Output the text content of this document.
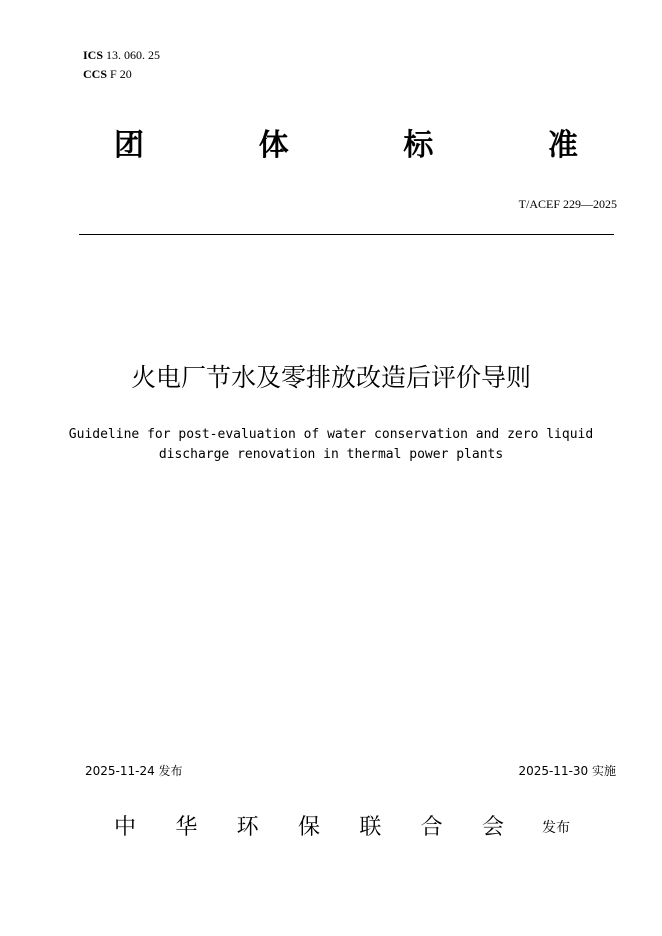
ICS 13. 060. 25
CCS F 20
团	体	标	准
T/ACEF 229—2025
火电厂节水及零排放改造后评价导则
Guideline for post-evaluation of water conservation and zero liquid
discharge renovation in thermal power plants
2025-11-24 发布	2025-11-30 实施
中 华 环 保 联 合 会	发布
